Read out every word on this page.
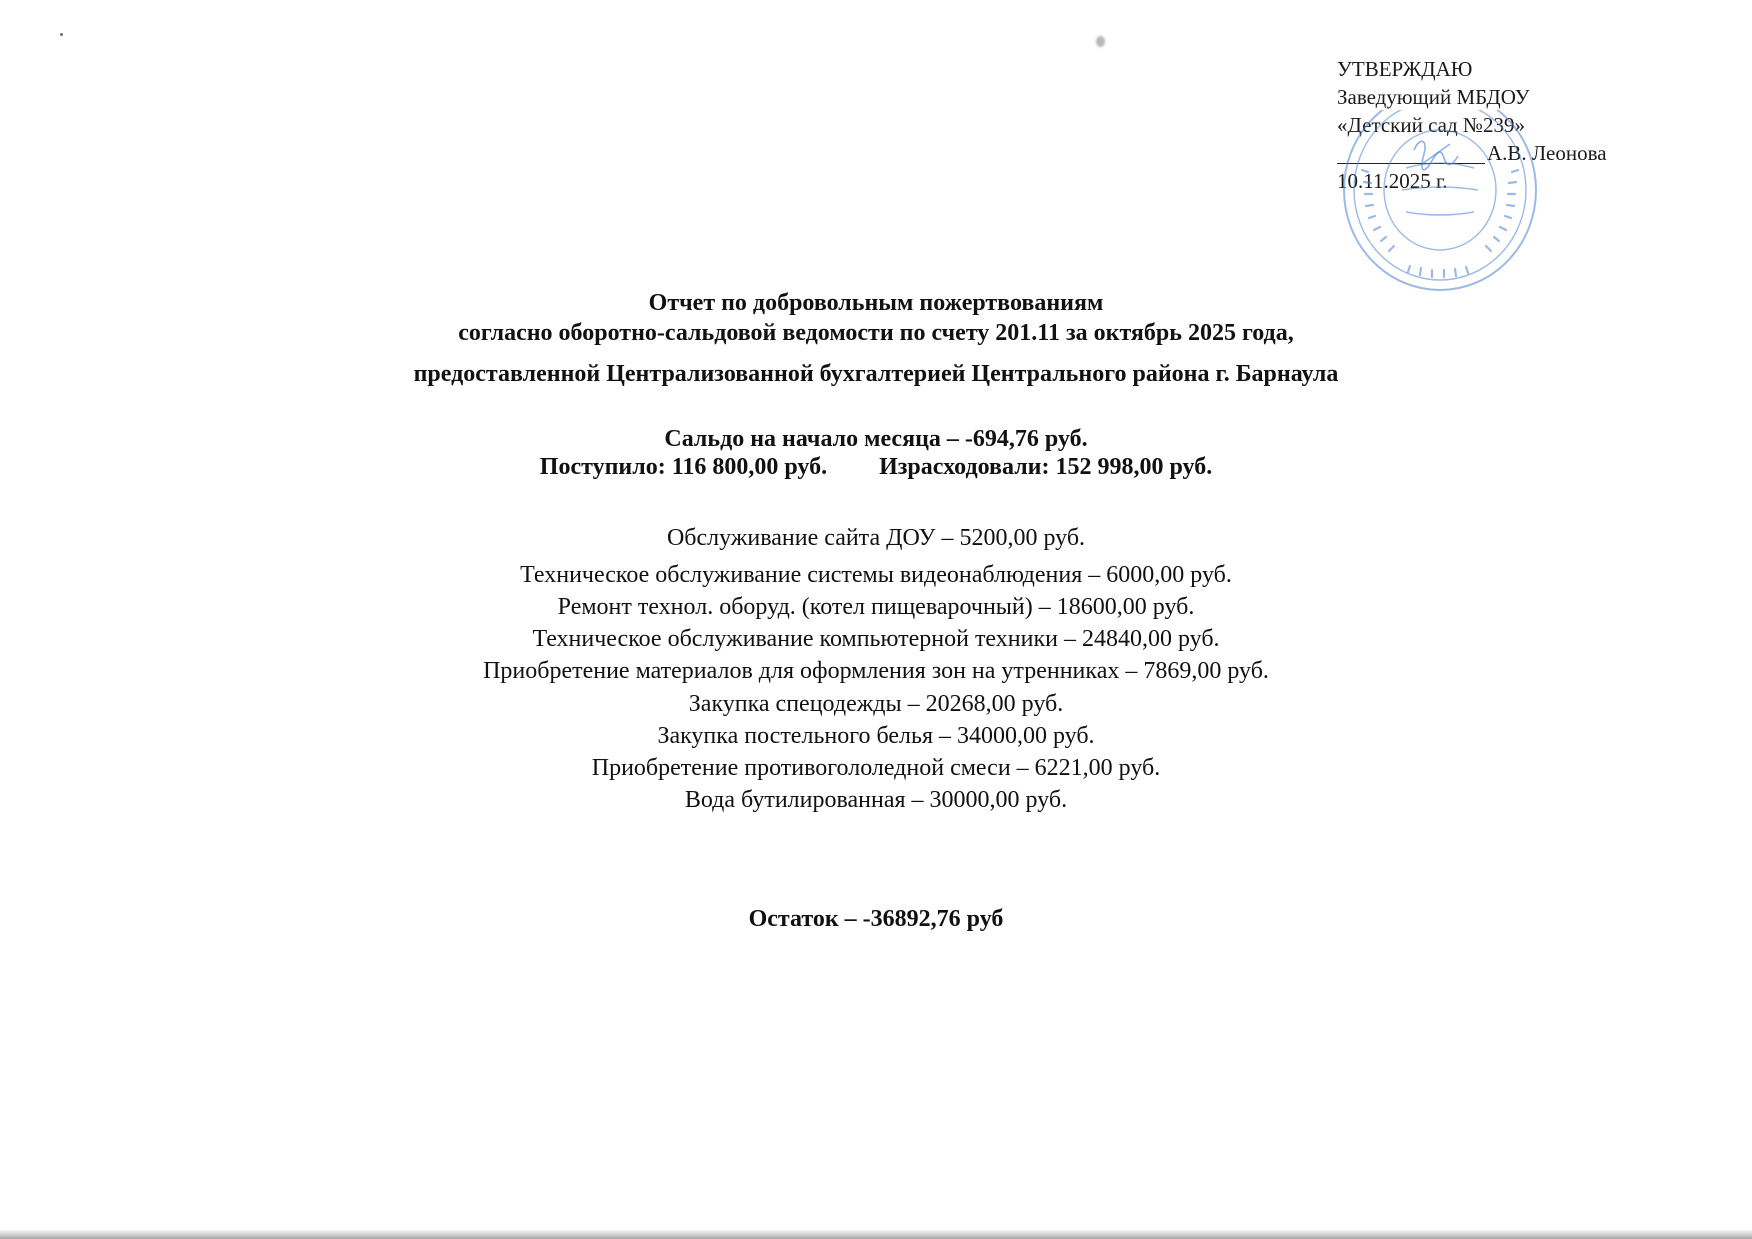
УТВЕРЖДАЮ
Заведующий МБДОУ
«Детский сад №239»
А.В. Леонова
10.11.2025 г.
Отчет по добровольным пожертвованиям
согласно оборотно-сальдовой ведомости по счету 201.11 за октябрь 2025 года,
предоставленной Централизованной бухгалтерией Центрального района г. Барнаула
Сальдо на начало месяца – -694,76 руб.
Поступило: 116 800,00 руб. Израсходовали: 152 998,00 руб.
Обслуживание сайта ДОУ – 5200,00 руб.
Техническое обслуживание системы видеонаблюдения – 6000,00 руб.
Ремонт технол. оборуд. (котел пищеварочный) – 18600,00 руб.
Техническое обслуживание компьютерной техники – 24840,00 руб.
Приобретение материалов для оформления зон на утренниках – 7869,00 руб.
Закупка спецодежды – 20268,00 руб.
Закупка постельного белья – 34000,00 руб.
Приобретение противогололедной смеси – 6221,00 руб.
Вода бутилированная – 30000,00 руб.
Остаток – -36892,76 руб
